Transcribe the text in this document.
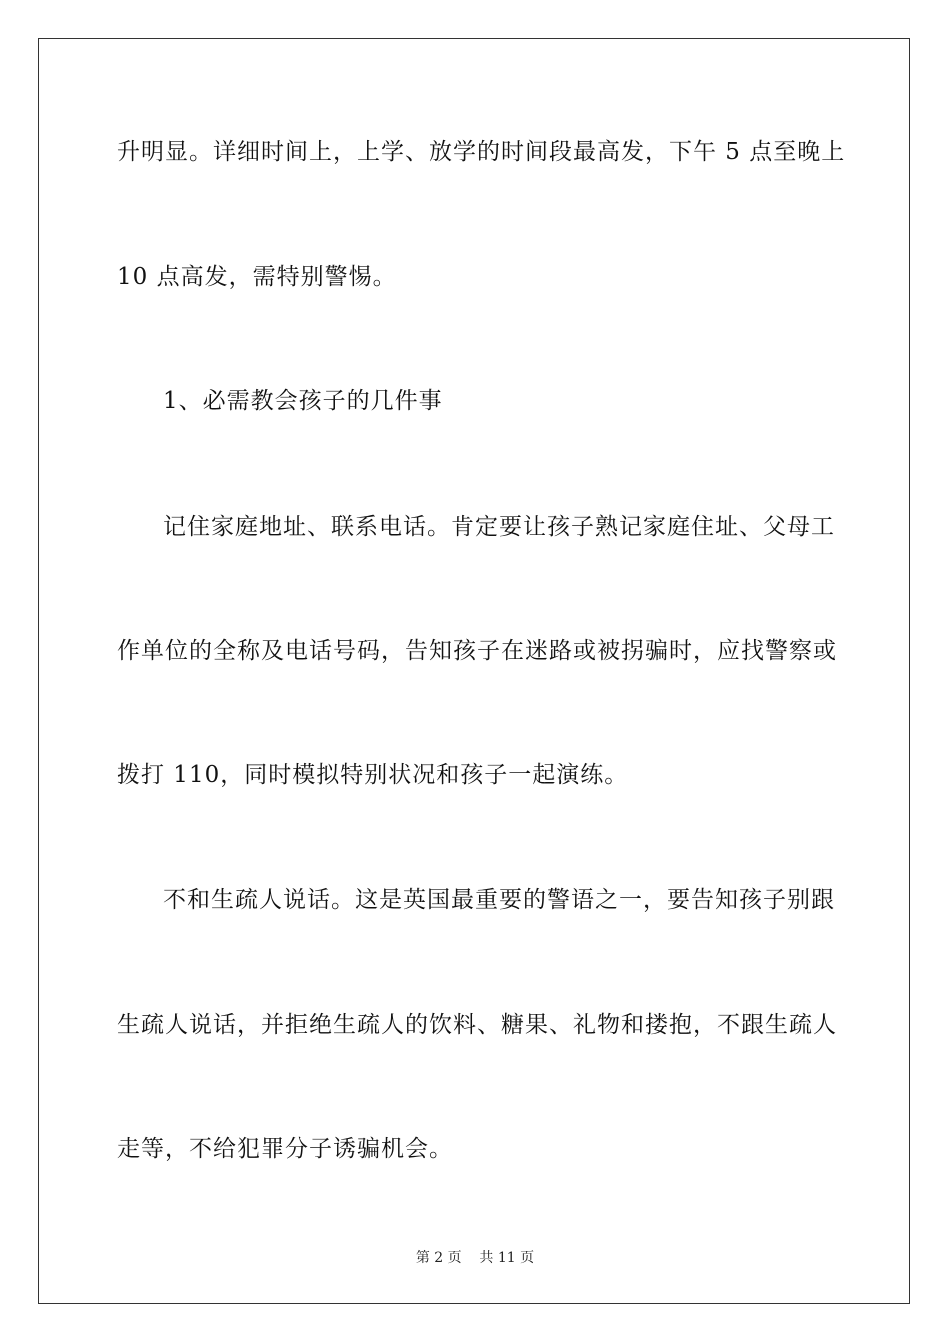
升明显。详细时间上，上学、放学的时间段最高发，下午 5 点至晚上
10 点高发，需特别警惕。
1、必需教会孩子的几件事
记住家庭地址、联系电话。肯定要让孩子熟记家庭住址、父母工
作单位的全称及电话号码，告知孩子在迷路或被拐骗时，应找警察或
拨打 110，同时模拟特别状况和孩子一起演练。
不和生疏人说话。这是英国最重要的警语之一，要告知孩子别跟
生疏人说话，并拒绝生疏人的饮料、糖果、礼物和搂抱，不跟生疏人
走等，不给犯罪分子诱骗机会。
第 2 页    共 11 页
